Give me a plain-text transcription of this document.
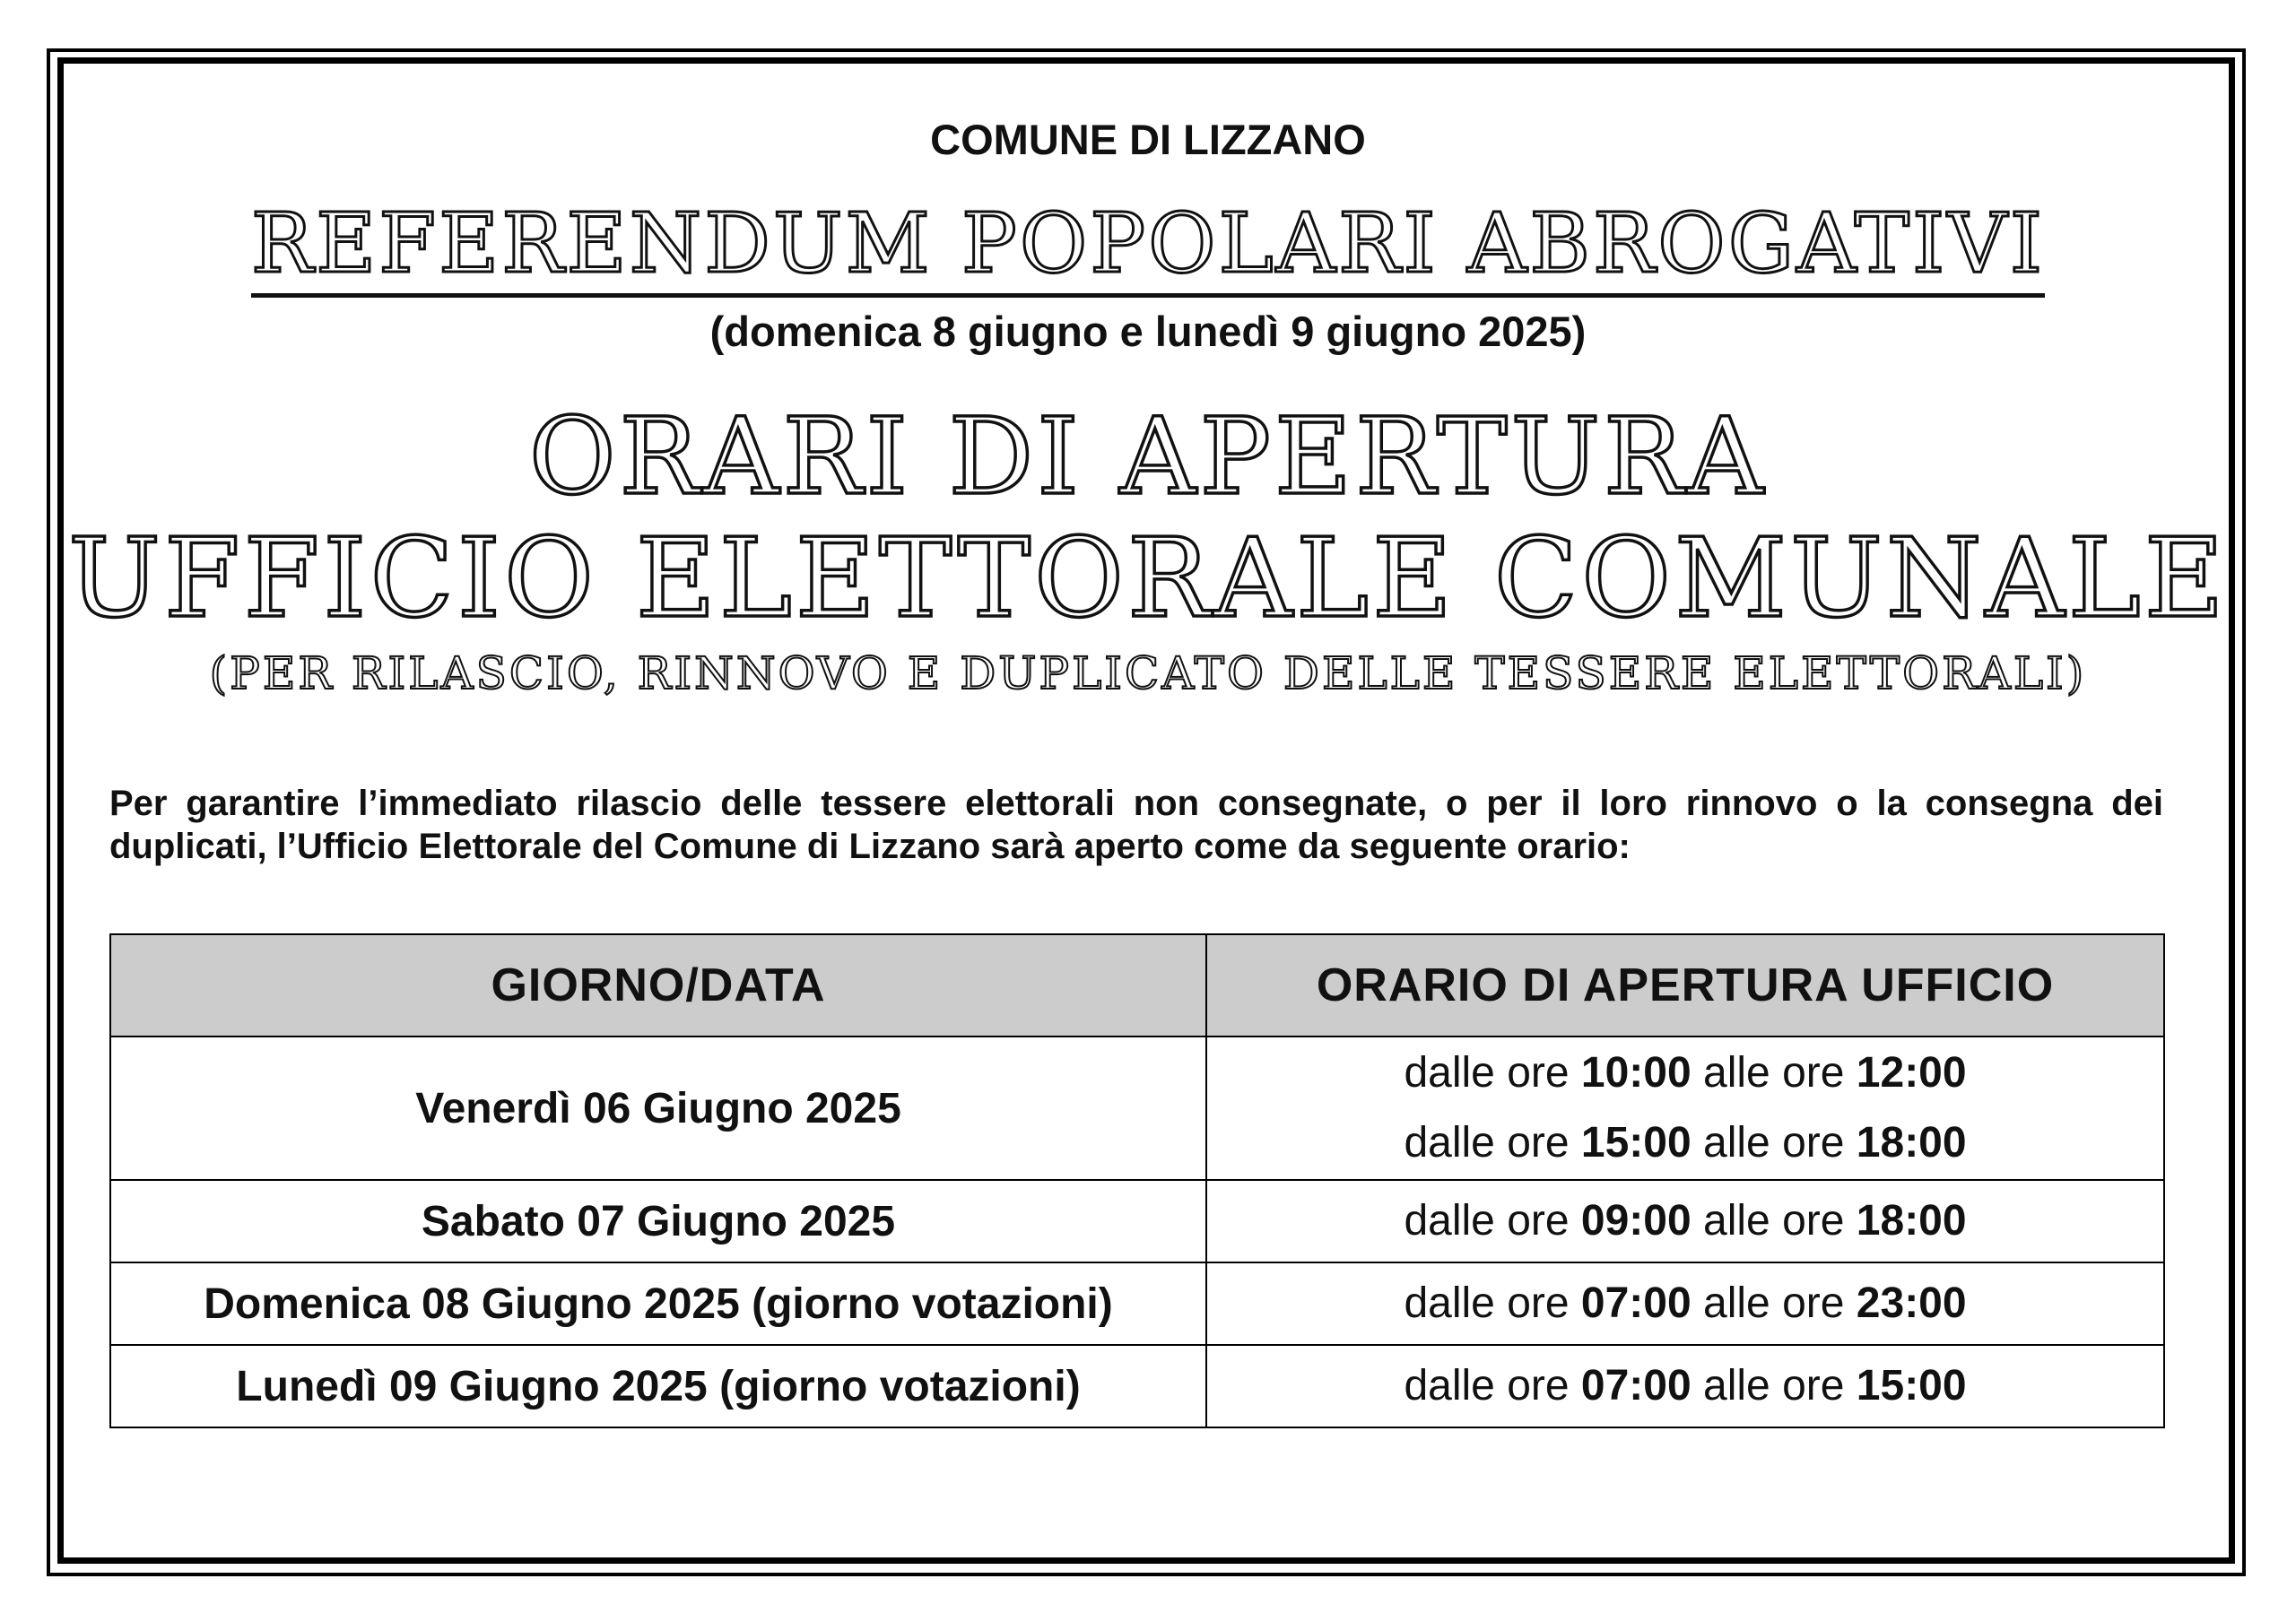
COMUNE DI LIZZANO
REFERENDUM POPOLARI ABROGATIVI
(domenica 8 giugno e lunedì 9 giugno 2025)
ORARI DI APERTURA
UFFICIO ELETTORALE COMUNALE
(PER RILASCIO, RINNOVO E DUPLICATO DELLE TESSERE ELETTORALI)
Per garantire l’immediato rilascio delle tessere elettorali non consegnate, o per il loro rinnovo o la consegna dei duplicati, l’Ufficio Elettorale del Comune di Lizzano sarà aperto come da seguente orario:
GIORNO/DATA	ORARIO DI APERTURA UFFICIO
Venerdì 06 Giugno 2025	dalle ore 10:00 alle ore 12:00
dalle ore 15:00 alle ore 18:00

Sabato 07 Giugno 2025	dalle ore 09:00 alle ore 18:00

Domenica 08 Giugno 2025 (giorno votazioni)	dalle ore 07:00 alle ore 23:00

Lunedì 09 Giugno 2025 (giorno votazioni)	dalle ore 07:00 alle ore 15:00
